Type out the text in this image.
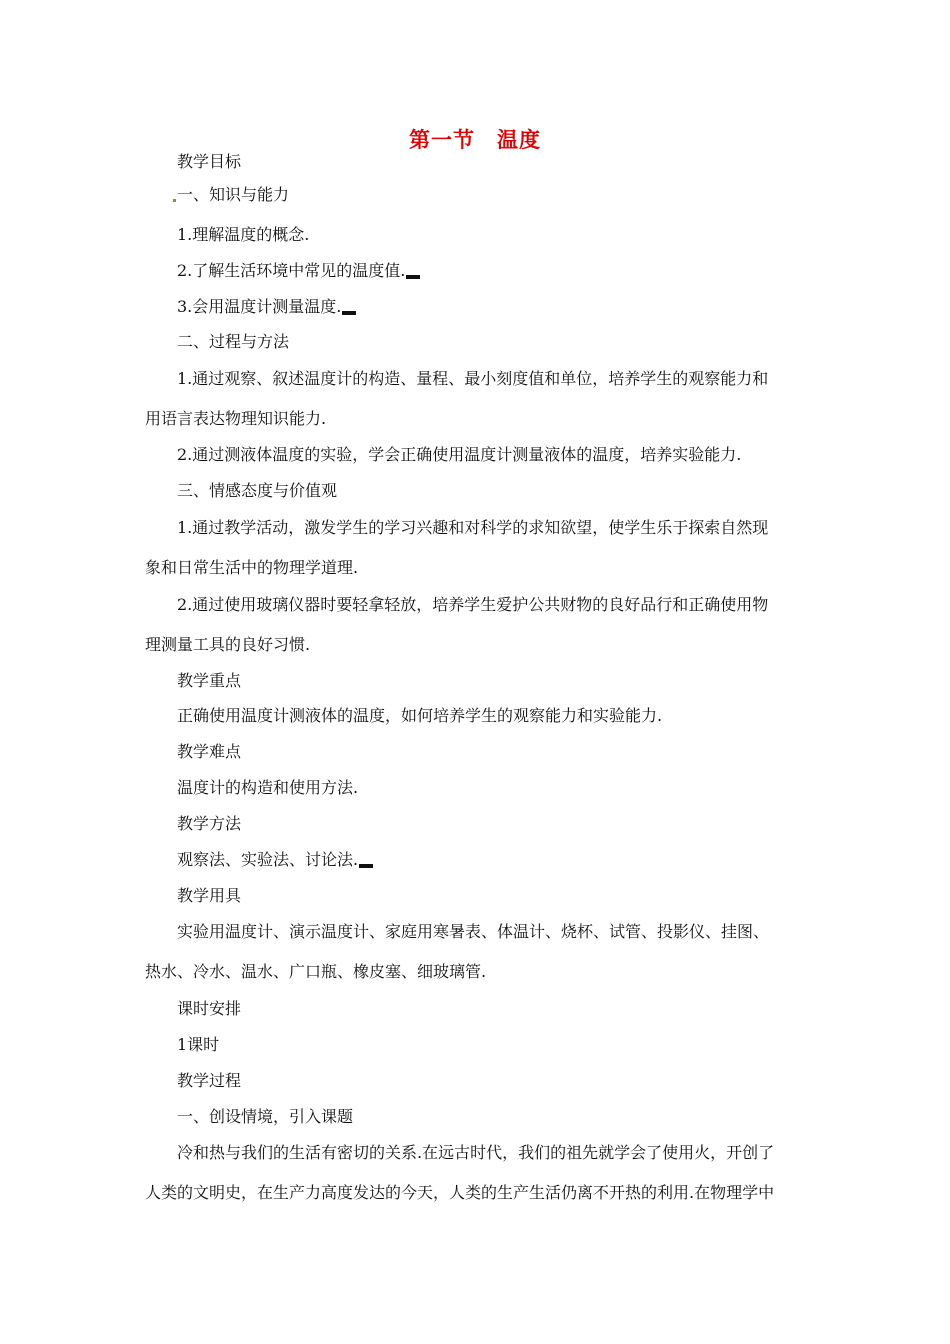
第一节　温度
教学目标
一、知识与能力
1.理解温度的概念.
2.了解生活环境中常见的温度值.
3.会用温度计测量温度.
二、过程与方法
1.通过观察、叙述温度计的构造、量程、最小刻度值和单位，培养学生的观察能力和
用语言表达物理知识能力.
2.通过测液体温度的实验，学会正确使用温度计测量液体的温度，培养实验能力.
三、情感态度与价值观
1.通过教学活动，激发学生的学习兴趣和对科学的求知欲望，使学生乐于探索自然现
象和日常生活中的物理学道理.
2.通过使用玻璃仪器时要轻拿轻放，培养学生爱护公共财物的良好品行和正确使用物
理测量工具的良好习惯.
教学重点
正确使用温度计测液体的温度，如何培养学生的观察能力和实验能力.
教学难点
温度计的构造和使用方法.
教学方法
观察法、实验法、讨论法.
教学用具
实验用温度计、演示温度计、家庭用寒暑表、体温计、烧杯、试管、投影仪、挂图、
热水、冷水、温水、广口瓶、橡皮塞、细玻璃管.
课时安排
1课时
教学过程
一、创设情境，引入课题
冷和热与我们的生活有密切的关系.在远古时代，我们的祖先就学会了使用火，开创了
人类的文明史，在生产力高度发达的今天，人类的生产生活仍离不开热的利用.在物理学中
